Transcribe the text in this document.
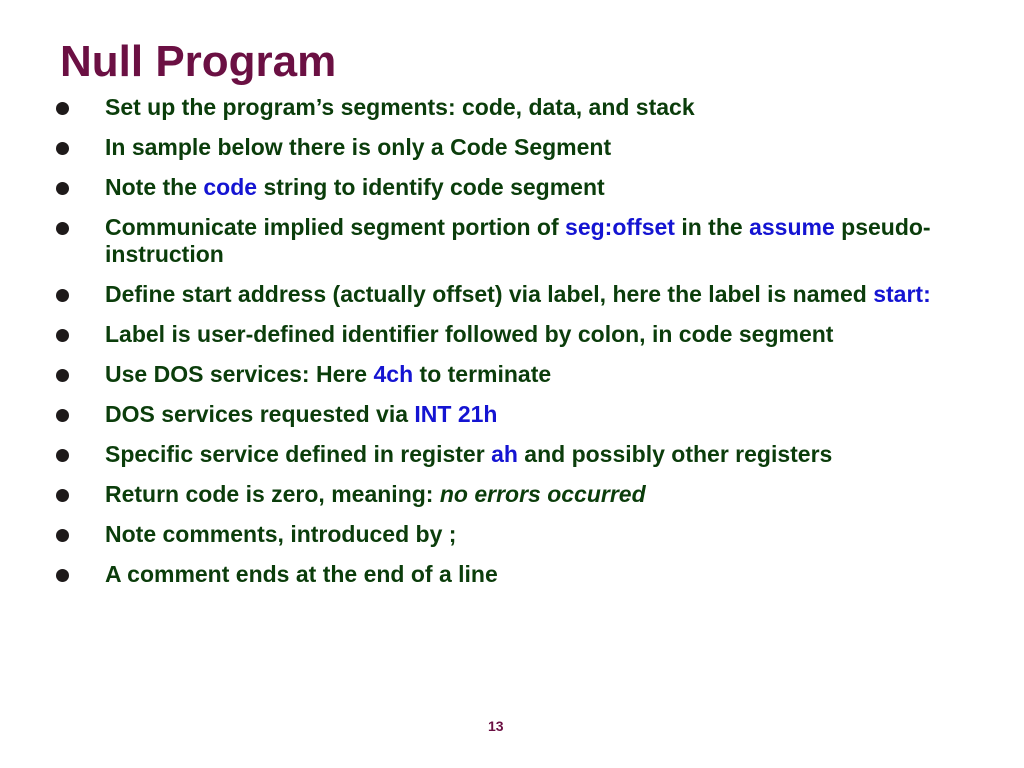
Null Program
Set up the program’s segments: code, data, and stack
In sample below there is only a Code Segment
Note the code string to identify code segment
Communicate implied segment portion of seg:offset in the assume pseudo-instruction
Define start address (actually offset) via label, here the label is named start:
Label is user-defined identifier followed by colon, in code segment
Use DOS services: Here 4ch to terminate
DOS services requested via INT 21h
Specific service defined in register ah and possibly other registers
Return code is zero, meaning: no errors occurred
Note comments, introduced by ;
A comment ends at the end of a line
13
